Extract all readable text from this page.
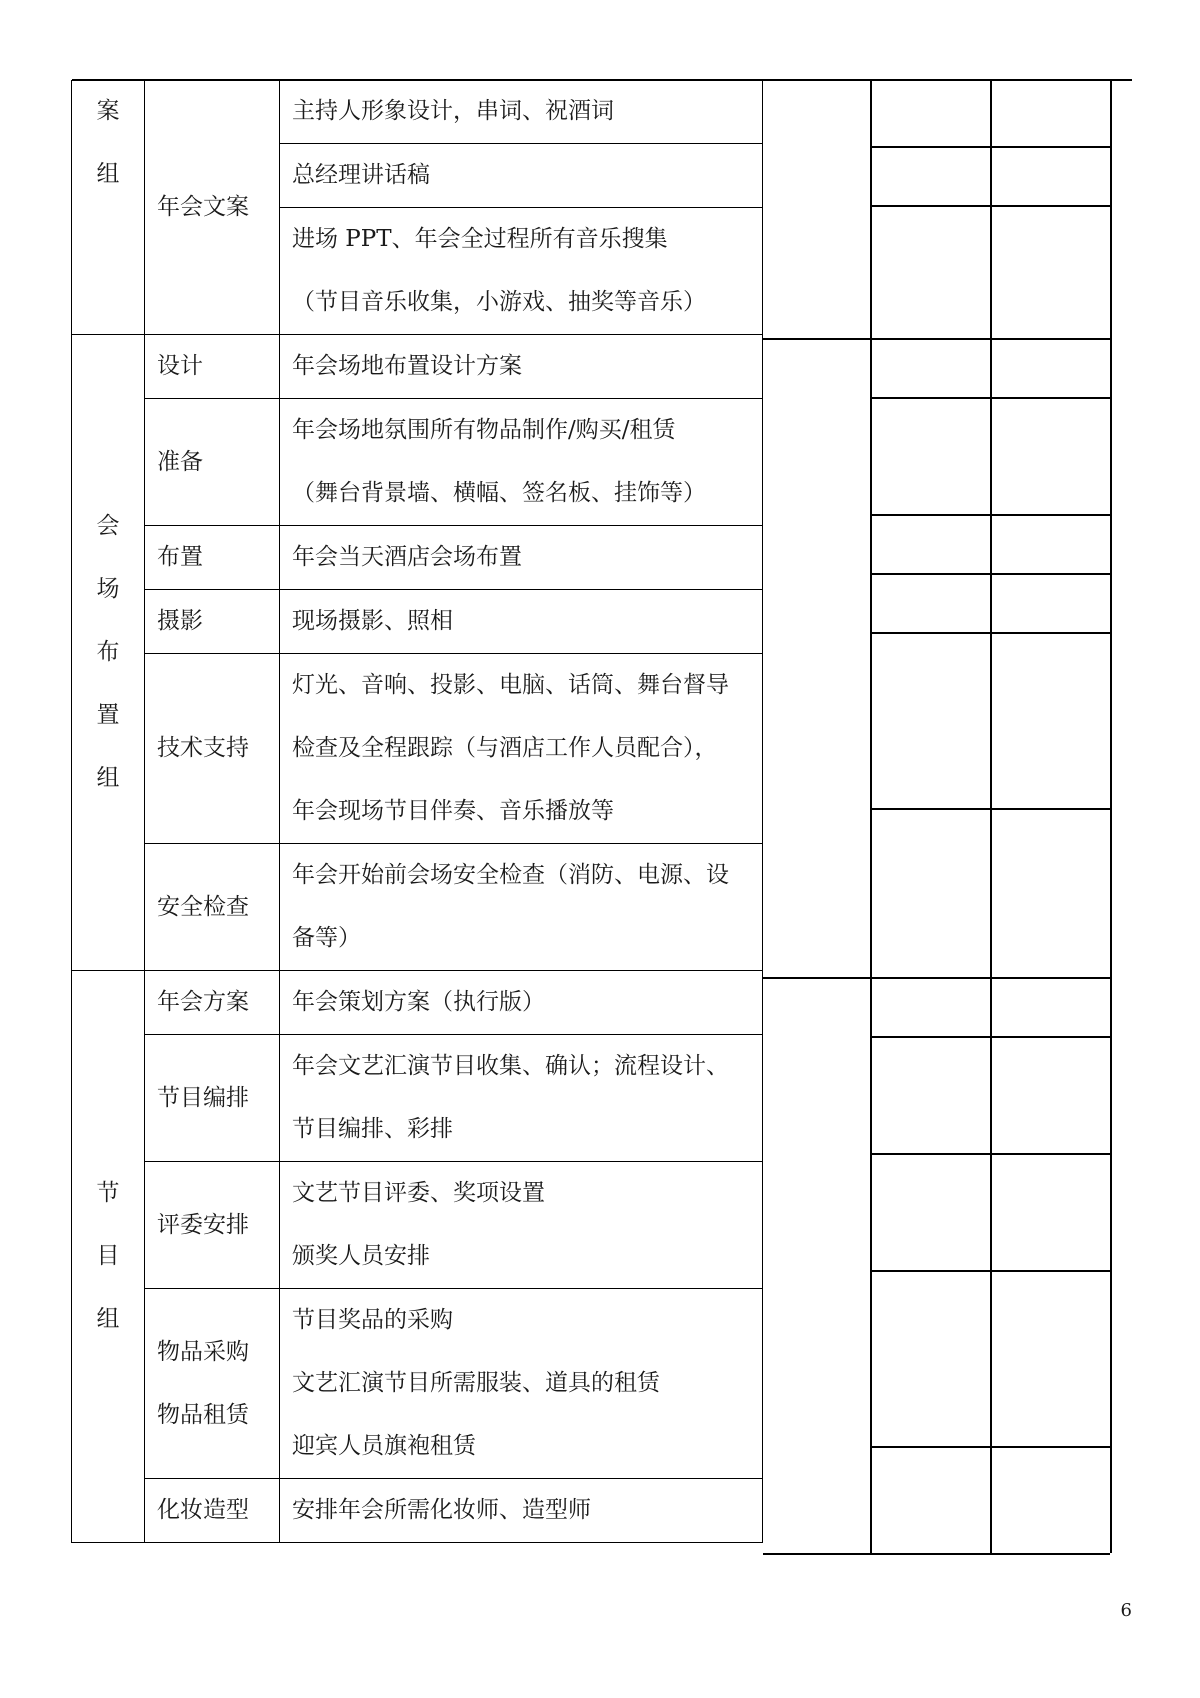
案
组	年会文案	主持人形象设计，串词、祝酒词

		总经理讲话稿

		进场 PPT、年会全过程所有音乐搜集
（节目音乐收集，小游戏、抽奖等音乐）

会
场
布
置
组	设计	年会场地布置设计方案

	准备	年会场地氛围所有物品制作/购买/租赁
（舞台背景墙、横幅、签名板、挂饰等）

	布置	年会当天酒店会场布置

	摄影	现场摄影、照相

	技术支持	灯光、音响、投影、电脑、话筒、舞台督导
检查及全程跟踪（与酒店工作人员配合），
年会现场节目伴奏、音乐播放等

	安全检查	年会开始前会场安全检查（消防、电源、设
备等）

节
目
组	年会方案	年会策划方案（执行版）

	节目编排	年会文艺汇演节目收集、确认；流程设计、
节目编排、彩排

	评委安排	文艺节目评委、奖项设置
颁奖人员安排

	物品采购
物品租赁	节目奖品的采购
文艺汇演节目所需服装、道具的租赁
迎宾人员旗袍租赁

	化妆造型	安排年会所需化妆师、造型师
6
